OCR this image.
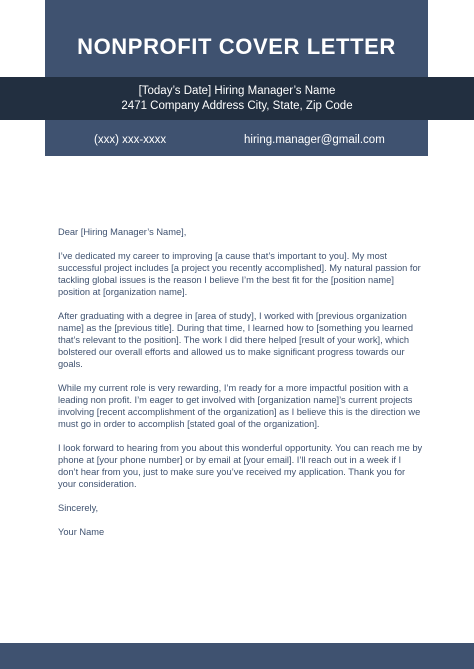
NONPROFIT COVER LETTER
[Today’s Date] Hiring Manager’s Name
2471 Company Address City, State, Zip Code
(xxx) xxx-xxxx	hiring.manager@gmail.com

Dear [Hiring Manager’s Name],

I’ve dedicated my career to improving [a cause that’s important to you]. My most successful project includes [a project you recently accomplished]. My natural passion for tackling global issues is the reason I believe I’m the best fit for the [position name] position at [organization name].

After graduating with a degree in [area of study], I worked with [previous organization name] as the [previous title]. During that time, I learned how to [something you learned that’s relevant to the position]. The work I did there helped [result of your work], which bolstered our overall efforts and allowed us to make significant progress towards our goals.

While my current role is very rewarding, I’m ready for a more impactful position with a leading non profit. I’m eager to get involved with [organization name]’s current projects involving [recent accomplishment of the organization] as I believe this is the direction we must go in order to accomplish [stated goal of the organization].

I look forward to hearing from you about this wonderful opportunity. You can reach me by phone at [your phone number] or by email at [your email]. I’ll reach out in a week if I don’t hear from you, just to make sure you’ve received my application. Thank you for your consideration.

Sincerely,

Your Name
